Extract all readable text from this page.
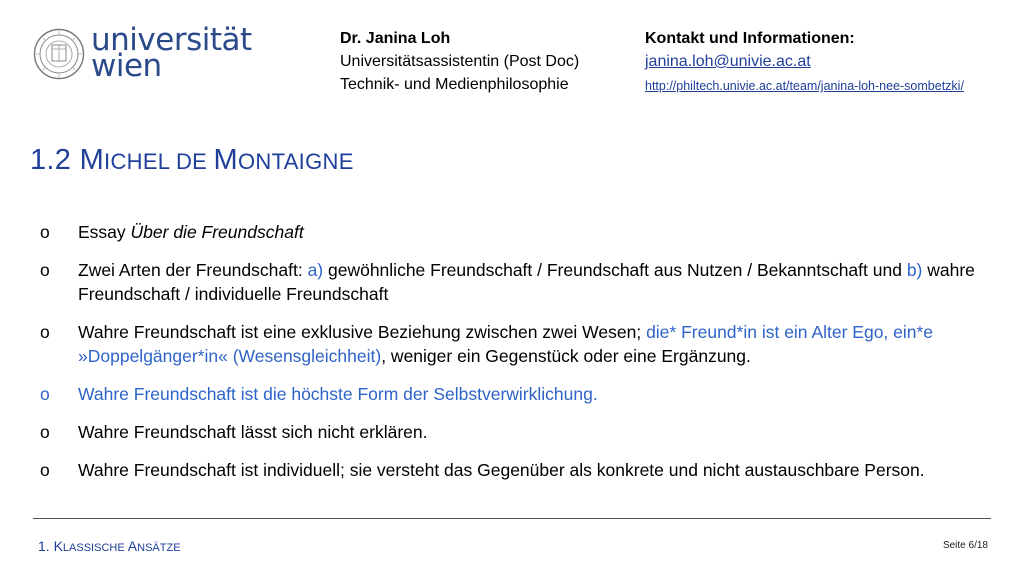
universität
wien
Dr. Janina Loh
Universitätsassistentin (Post Doc)
Technik- und Medienphilosophie
Kontakt und Informationen:
janina.loh@univie.ac.at
http://philtech.univie.ac.at/team/janina-loh-nee-sombetzki/
1.2 MICHEL DE MONTAIGNE
o Essay Über die Freundschaft
o Zwei Arten der Freundschaft: a) gewöhnliche Freundschaft / Freundschaft aus Nutzen / Bekanntschaft und b) wahre Freundschaft / individuelle Freundschaft
o Wahre Freundschaft ist eine exklusive Beziehung zwischen zwei Wesen; die* Freund*in ist ein Alter Ego, ein*e »Doppelgänger*in« (Wesensgleichheit), weniger ein Gegenstück oder eine Ergänzung.
o Wahre Freundschaft ist die höchste Form der Selbstverwirklichung.
o Wahre Freundschaft lässt sich nicht erklären.
o Wahre Freundschaft ist individuell; sie versteht das Gegenüber als konkrete und nicht austauschbare Person.
1. KLASSISCHE ANSÄTZE	Seite 6/18
